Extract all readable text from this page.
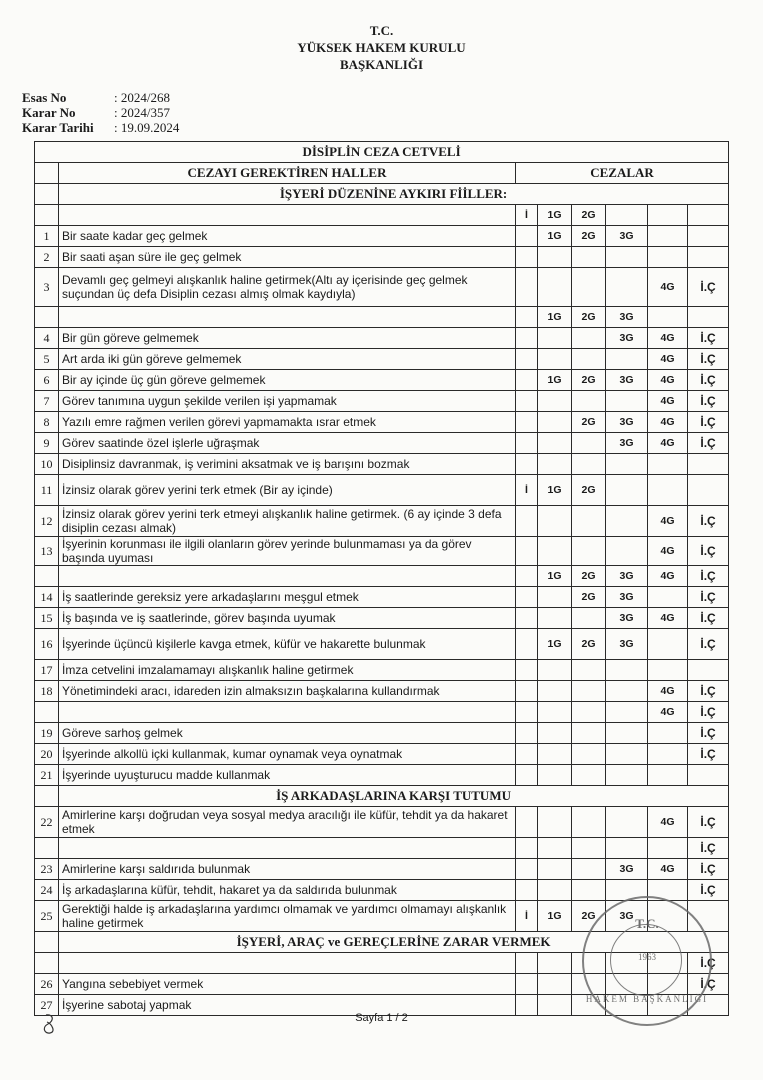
T.C.
YÜKSEK HAKEM KURULU
BAŞKANLIĞI
Esas No	: 2024/268
Karar No	: 2024/357
Karar Tarihi	: 19.09.2024
DİSİPLİN CEZA CETVELİ							
	CEZAYI GEREKTİREN HALLER	CEZALAR					
	İŞYERİ DÜZENİNE AYKIRI FİİLLER:						
		İ	1G	2G			
1	Bir saate kadar geç gelmek		1G	2G	3G		
2	Bir saati aşan süre ile geç gelmek						
3	Devamlı geç gelmeyi alışkanlık haline getirmek(Altı ay içerisinde geç gelmek suçundan üç defa Disiplin cezası almış olmak kaydıyla)					4G	İ.Ç
			1G	2G	3G		
4	Bir gün göreve gelmemek				3G	4G	İ.Ç
5	Art arda iki gün göreve gelmemek					4G	İ.Ç
6	Bir ay içinde üç gün göreve gelmemek		1G	2G	3G	4G	İ.Ç
7	Görev tanımına uygun şekilde verilen işi yapmamak					4G	İ.Ç
8	Yazılı emre rağmen verilen görevi yapmamakta ısrar etmek			2G	3G	4G	İ.Ç
9	Görev saatinde özel işlerle uğraşmak				3G	4G	İ.Ç
10	Disiplinsiz davranmak, iş verimini aksatmak ve iş barışını bozmak						
11	İzinsiz olarak görev yerini terk etmek (Bir ay içinde)	İ	1G	2G			
12	İzinsiz olarak görev yerini terk etmeyi alışkanlık haline getirmek. (6 ay içinde 3 defa disiplin cezası almak)					4G	İ.Ç
13	İşyerinin korunması ile ilgili olanların görev yerinde bulunmaması ya da görev başında uyuması					4G	İ.Ç
			1G	2G	3G	4G	İ.Ç
14	İş saatlerinde gereksiz yere arkadaşlarını meşgul etmek			2G	3G		İ.Ç
15	İş başında ve iş saatlerinde, görev başında uyumak				3G	4G	İ.Ç
16	İşyerinde üçüncü kişilerle kavga etmek, küfür ve hakarette bulunmak		1G	2G	3G		İ.Ç
17	İmza cetvelini imzalamamayı alışkanlık haline getirmek						
18	Yönetimindeki aracı, idareden izin almaksızın başkalarına kullandırmak					4G	İ.Ç
						4G	İ.Ç
19	Göreve sarhoş gelmek						İ.Ç
20	İşyerinde alkollü içki kullanmak, kumar oynamak veya oynatmak						İ.Ç
21	İşyerinde uyuşturucu madde kullanmak						
	İŞ ARKADAŞLARINA KARŞI TUTUMU						
22	Amirlerine karşı doğrudan veya sosyal medya aracılığı ile küfür, tehdit ya da hakaret etmek					4G	İ.Ç
							İ.Ç
23	Amirlerine karşı saldırıda bulunmak				3G	4G	İ.Ç
24	İş arkadaşlarına küfür, tehdit, hakaret ya da saldırıda bulunmak						İ.Ç
25	Gerektiği halde iş arkadaşlarına yardımcı olmamak ve yardımcı olmamayı alışkanlık haline getirmek	İ	1G	2G	3G		
	İŞYERİ, ARAÇ ve GEREÇLERİNE ZARAR VERMEK						
							İ.Ç
26	Yangına sebebiyet vermek						İ.Ç
27	İşyerine sabotaj yapmak						
T.C.
1963
HAKEM BAŞKANLIĞI
Sayfa 1 / 2
